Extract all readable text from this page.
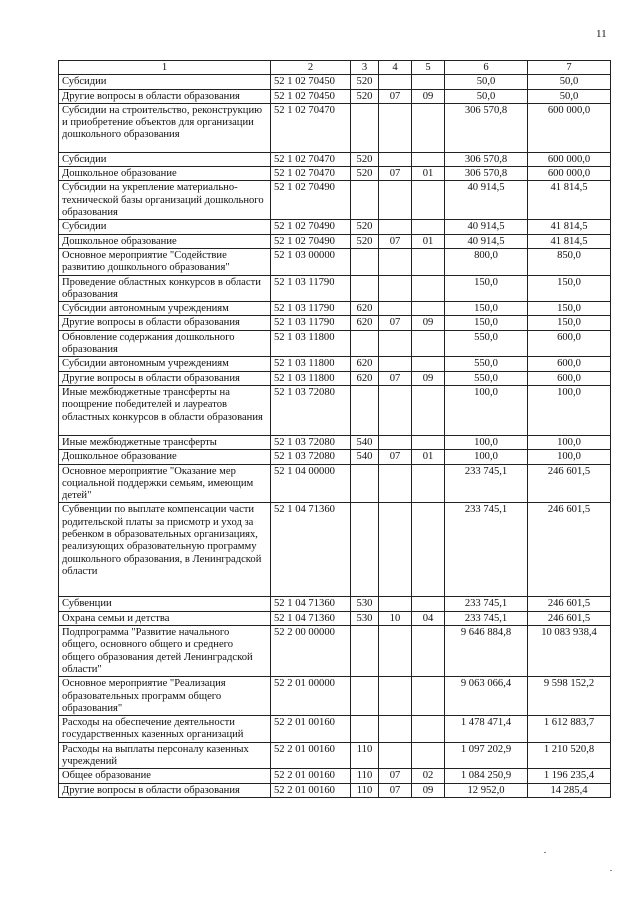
11
1	2	3	4	5	6	7
Субсидии	52 1 02 70450	520			50,0	50,0
Другие вопросы в области образования	52 1 02 70450	520	07	09	50,0	50,0
Субсидии на строительство, реконструкцию и приобретение объектов для организации дошкольного образования	52 1 02 70470				306 570,8	600 000,0
Субсидии	52 1 02 70470	520			306 570,8	600 000,0
Дошкольное образование	52 1 02 70470	520	07	01	306 570,8	600 000,0
Субсидии на укрепление материально-технической базы организаций дошкольного образования	52 1 02 70490				40 914,5	41 814,5
Субсидии	52 1 02 70490	520			40 914,5	41 814,5
Дошкольное образование	52 1 02 70490	520	07	01	40 914,5	41 814,5
Основное мероприятие "Содействие развитию дошкольного образования"	52 1 03 00000				800,0	850,0
Проведение областных конкурсов в области образования	52 1 03 11790				150,0	150,0
Субсидии автономным учреждениям	52 1 03 11790	620			150,0	150,0
Другие вопросы в области образования	52 1 03 11790	620	07	09	150,0	150,0
Обновление содержания дошкольного образования	52 1 03 11800				550,0	600,0
Субсидии автономным учреждениям	52 1 03 11800	620			550,0	600,0
Другие вопросы в области образования	52 1 03 11800	620	07	09	550,0	600,0
Иные межбюджетные трансферты на поощрение победителей и лауреатов областных конкурсов в области образования	52 1 03 72080				100,0	100,0
Иные межбюджетные трансферты	52 1 03 72080	540			100,0	100,0
Дошкольное образование	52 1 03 72080	540	07	01	100,0	100,0
Основное мероприятие "Оказание мер социальной поддержки семьям, имеющим детей"	52 1 04 00000				233 745,1	246 601,5
Субвенции по выплате компенсации части родительской платы за присмотр и уход за ребенком в образовательных организациях, реализующих образовательную программу дошкольного образования, в Ленинградской области	52 1 04 71360				233 745,1	246 601,5
Субвенции	52 1 04 71360	530			233 745,1	246 601,5
Охрана семьи и детства	52 1 04 71360	530	10	04	233 745,1	246 601,5
Подпрограмма "Развитие начального общего, основного общего и среднего общего образования детей Ленинградской области"	52 2 00 00000				9 646 884,8	10 083 938,4
Основное мероприятие "Реализация образовательных программ общего образования"	52 2 01 00000				9 063 066,4	9 598 152,2
Расходы на обеспечение деятельности государственных казенных организаций	52 2 01 00160				1 478 471,4	1 612 883,7
Расходы на выплаты персоналу казенных учреждений	52 2 01 00160	110			1 097 202,9	1 210 520,8
Общее образование	52 2 01 00160	110	07	02	1 084 250,9	1 196 235,4
Другие вопросы в области образования	52 2 01 00160	110	07	09	12 952,0	14 285,4
